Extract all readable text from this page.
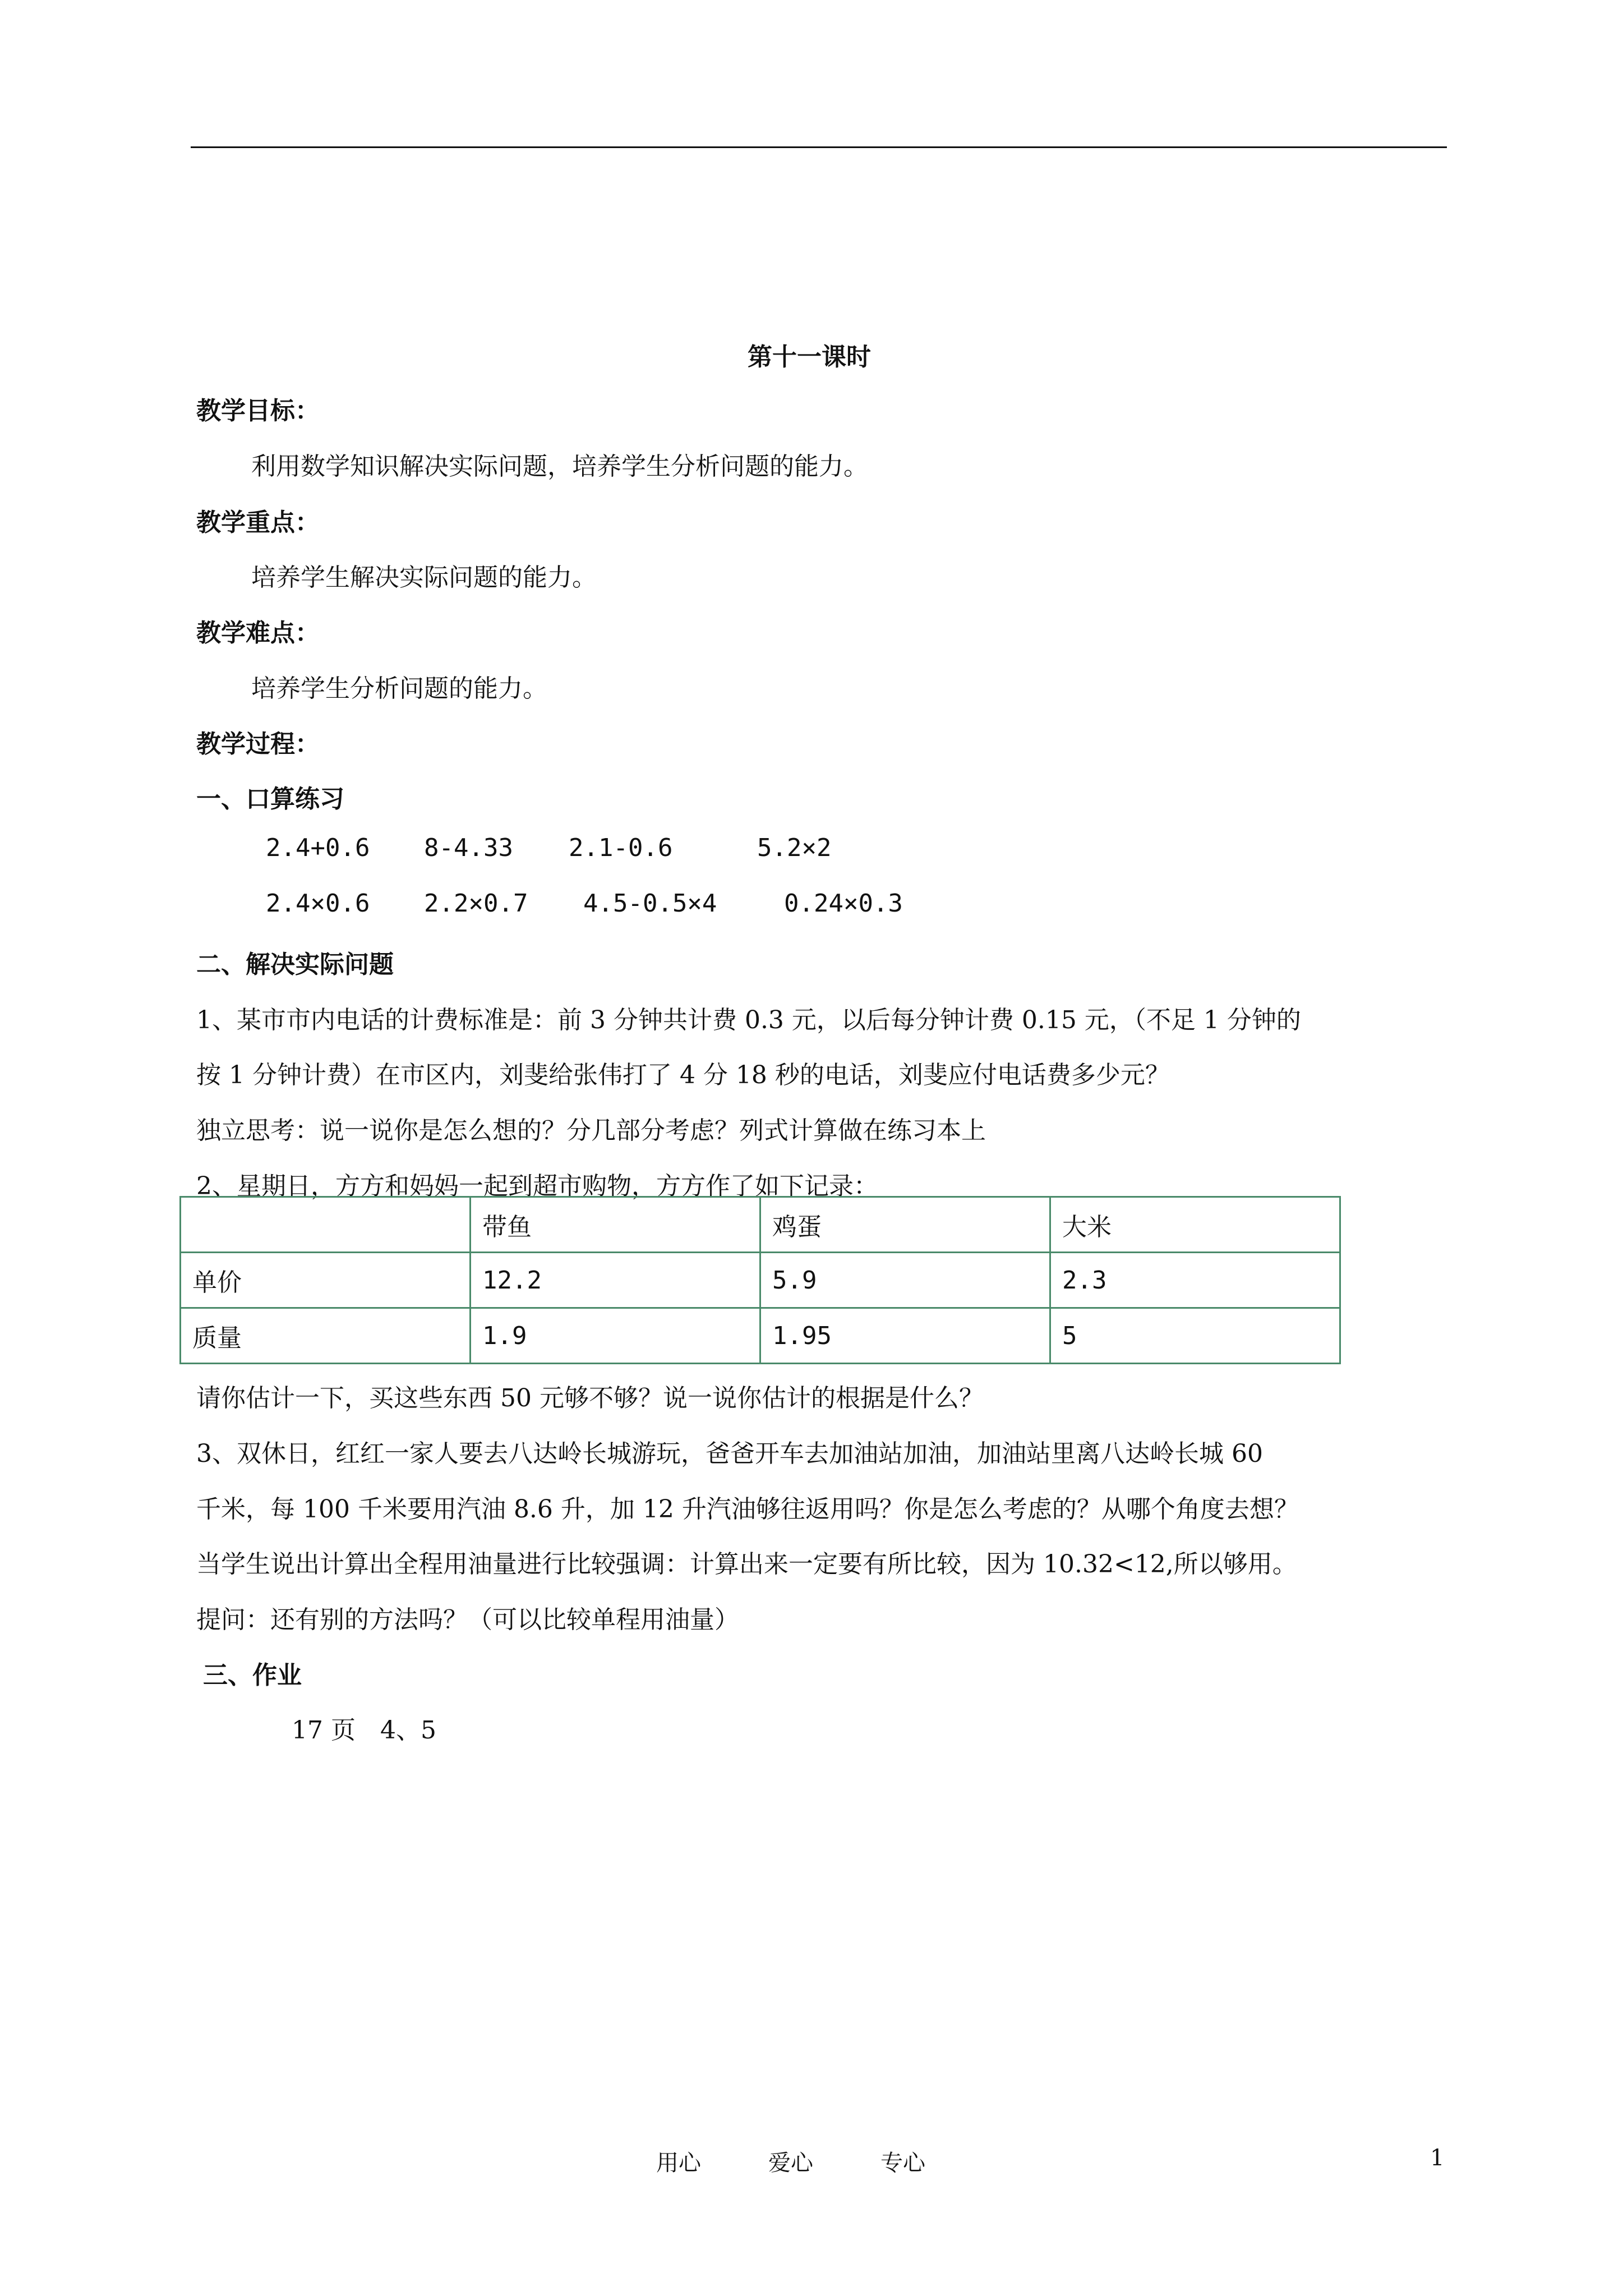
第十一课时
教学目标：
利用数学知识解决实际问题，培养学生分析问题的能力。
教学重点：
培养学生解决实际问题的能力。
教学难点：
培养学生分析问题的能力。
教学过程：
一、口算练习
2.4+0.6 8-4.33 2.1-0.6	5.2×2
2.4×0.6 2.2×0.7 4.5-0.5×4	0.24×0.3
二、解决实际问题
1、某市市内电话的计费标准是：前 3 分钟共计费 0.3 元，以后每分钟计费 0.15 元，（不足 1 分钟的
按 1 分钟计费）在市区内，刘斐给张伟打了 4 分 18 秒的电话，刘斐应付电话费多少元？
独立思考：说一说你是怎么想的？分几部分考虑？列式计算做在练习本上
2、星期日，方方和妈妈一起到超市购物，方方作了如下记录：
	带鱼	鸡蛋	大米
单价	12.2	5.9	2.3
质量	1.9	1.95	5
请你估计一下，买这些东西 50 元够不够？说一说你估计的根据是什么？
3、双休日，红红一家人要去八达岭长城游玩，爸爸开车去加油站加油，加油站里离八达岭长城 60
千米，每 100 千米要用汽油 8.6 升，加 12 升汽油够往返用吗？你是怎么考虑的？从哪个角度去想？
当学生说出计算出全程用油量进行比较强调：计算出来一定要有所比较，因为 10.32<12,所以够用。
提问：还有别的方法吗？（可以比较单程用油量）
三、作业
17 页　4、5
用心	爱心	专心	1
